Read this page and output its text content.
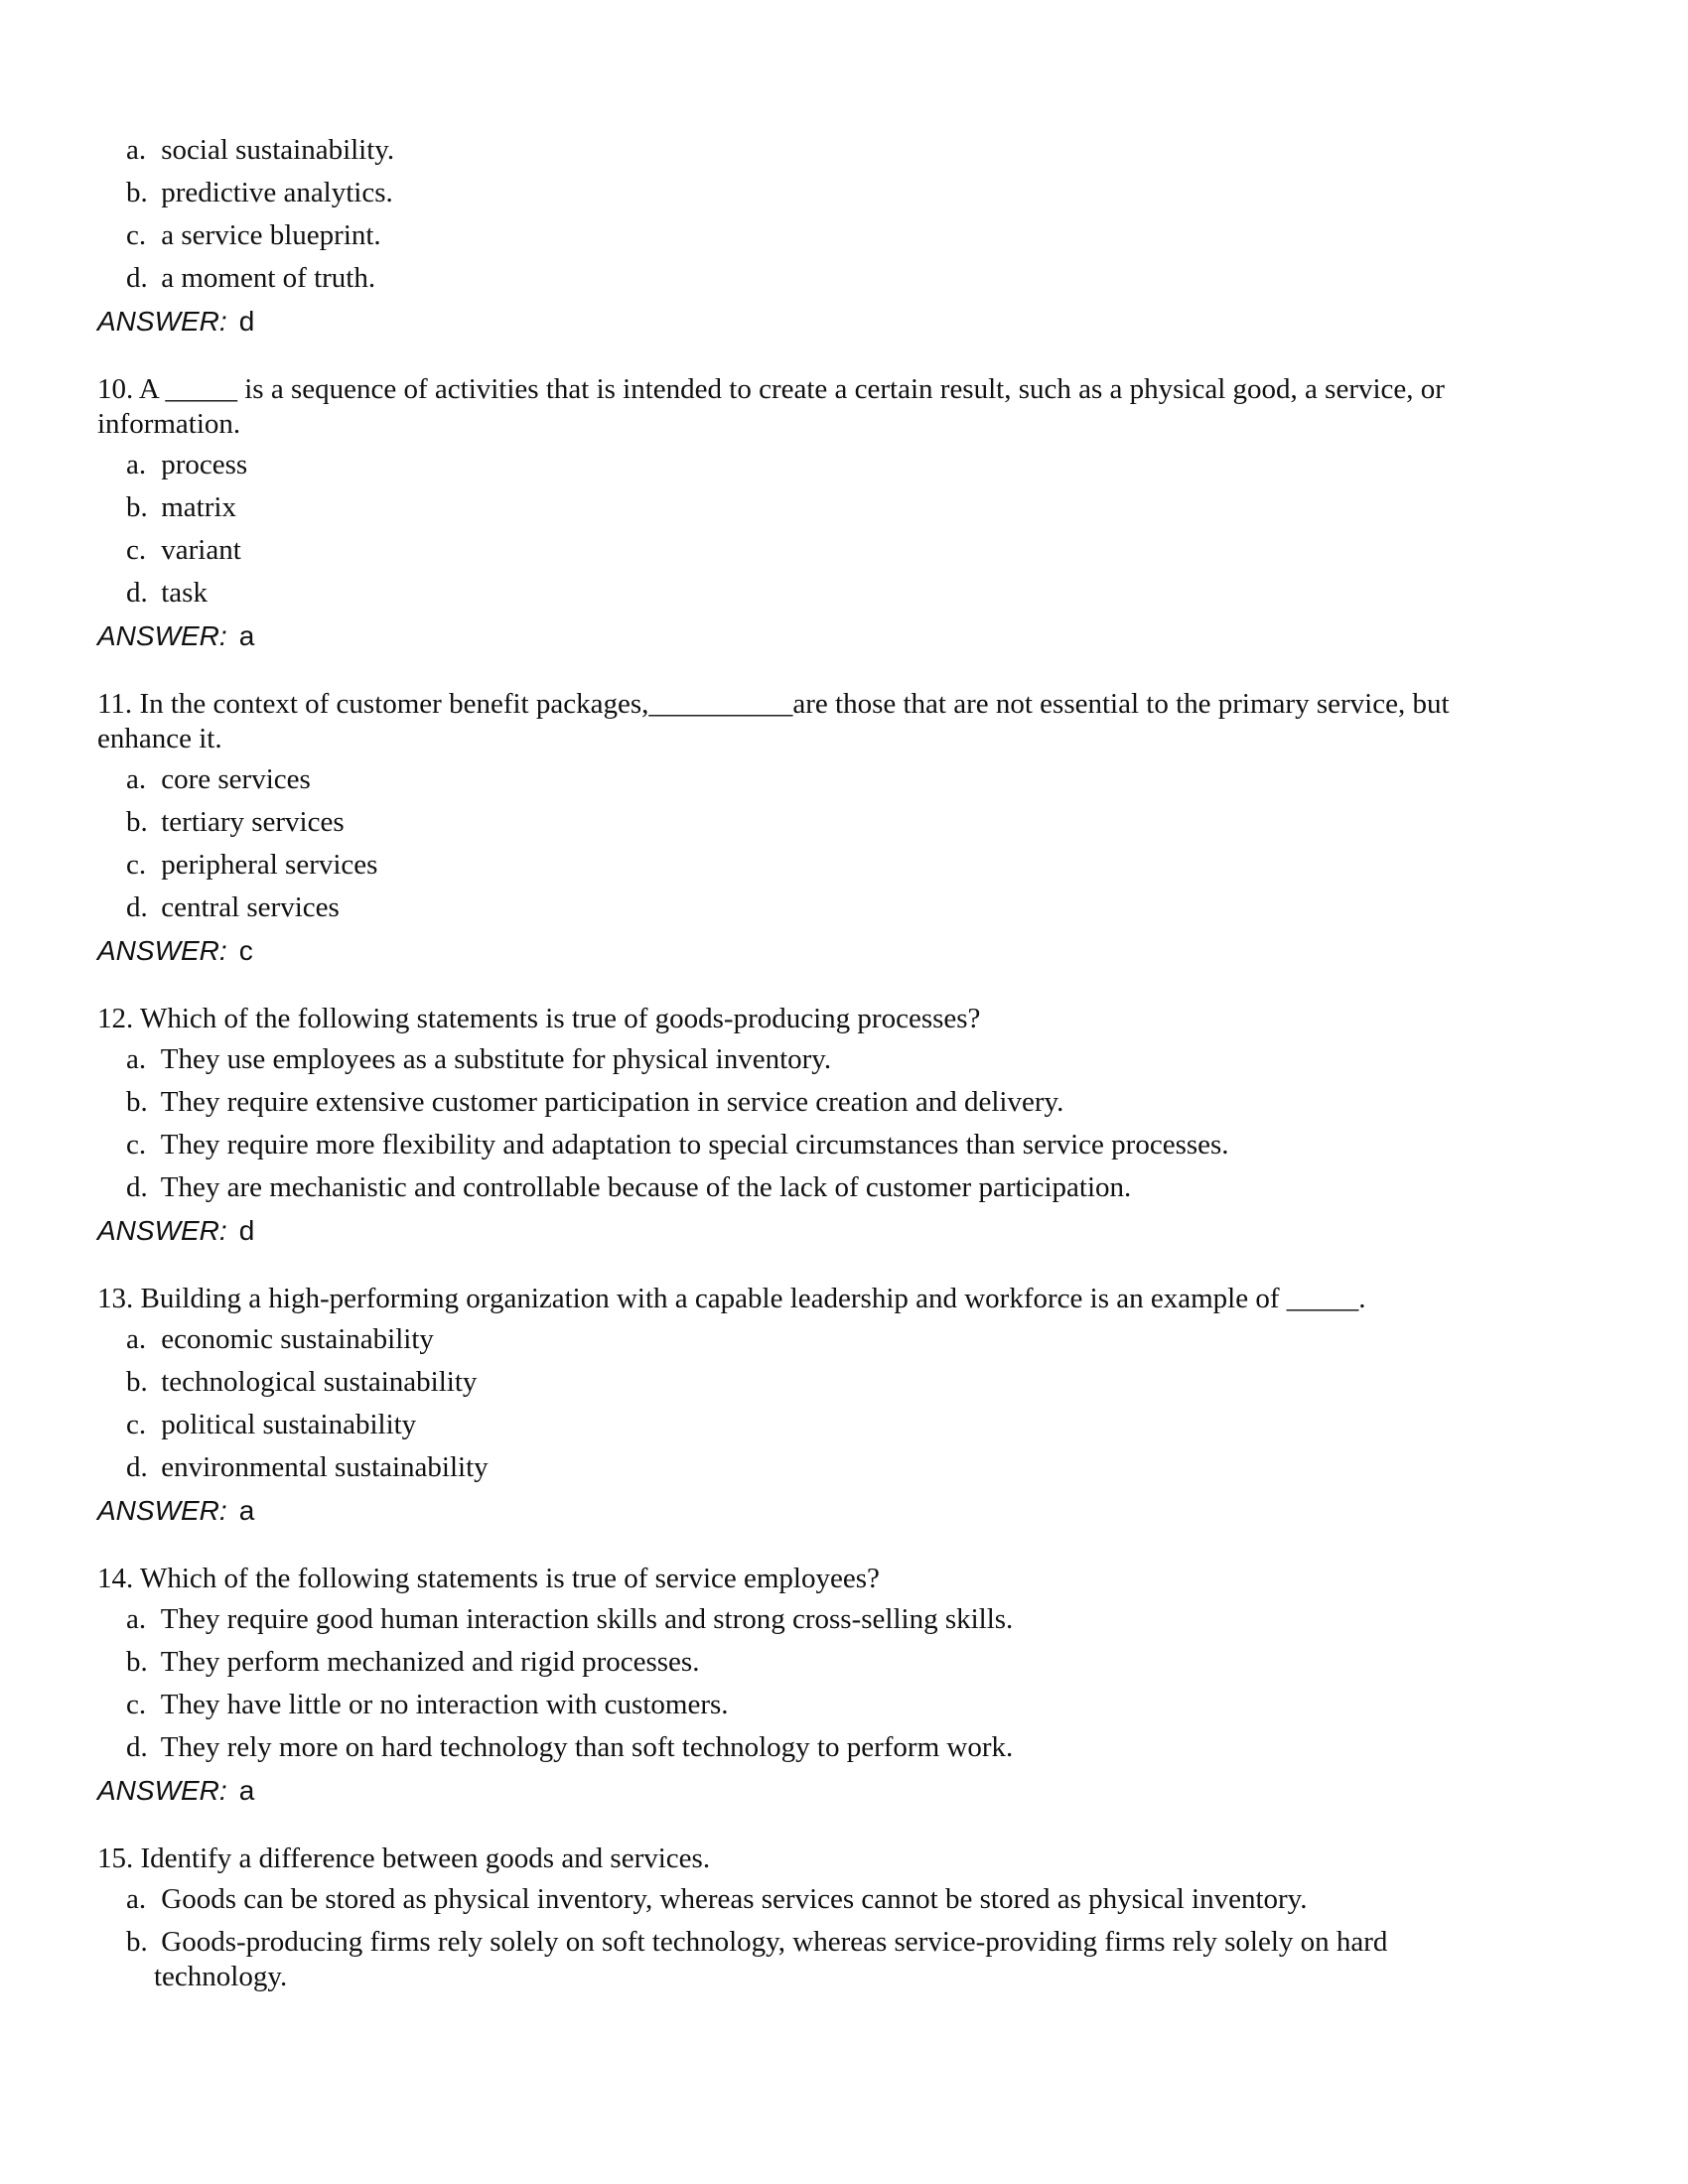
a. social sustainability.
b. predictive analytics.
c. a service blueprint.
d. a moment of truth.
ANSWER: d

10. A _____ is a sequence of activities that is intended to create a certain result, such as a physical good, a service, or information.

a. process
b. matrix
c. variant
d. task
ANSWER: a

11. In the context of customer benefit packages,__________are those that are not essential to the primary service, but enhance it.

a. core services
b. tertiary services
c. peripheral services
d. central services
ANSWER: c

12. Which of the following statements is true of goods-producing processes?

a. They use employees as a substitute for physical inventory.
b. They require extensive customer participation in service creation and delivery.
c. They require more flexibility and adaptation to special circumstances than service processes.
d. They are mechanistic and controllable because of the lack of customer participation.
ANSWER: d

13. Building a high-performing organization with a capable leadership and workforce is an example of _____.

a. economic sustainability
b. technological sustainability
c. political sustainability
d. environmental sustainability
ANSWER: a

14. Which of the following statements is true of service employees?

a. They require good human interaction skills and strong cross-selling skills.
b. They perform mechanized and rigid processes.
c. They have little or no interaction with customers.
d. They rely more on hard technology than soft technology to perform work.
ANSWER: a

15. Identify a difference between goods and services.

a. Goods can be stored as physical inventory, whereas services cannot be stored as physical inventory.
b. Goods-producing firms rely solely on soft technology, whereas service-providing firms rely solely on hard technology.
